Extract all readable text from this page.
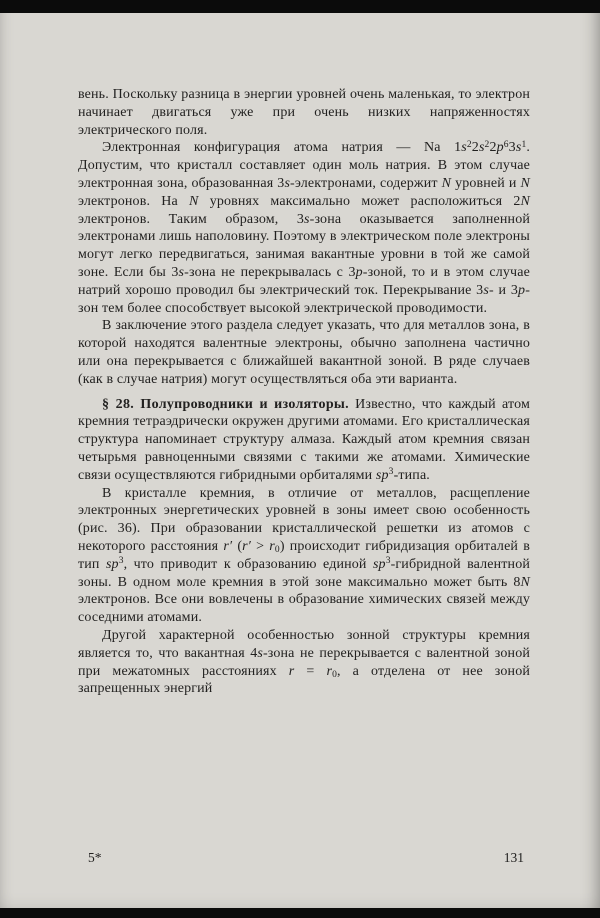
вень. Поскольку разница в энергии уровней очень маленькая, то электрон начинает двигаться уже при очень низких напряженностях электрического поля.

Электронная конфигурация атома натрия — Na $1s^22s^22p^63s^1$. Допустим, что кристалл составляет один моль натрия. В этом случае электронная зона, образованная 3s-электронами, содержит N уровней и N электронов. На N уровнях максимально может расположиться 2N электронов. Таким образом, 3s-зона оказывается заполненной электронами лишь наполовину. Поэтому в электрическом поле электроны могут легко передвигаться, занимая вакантные уровни в той же самой зоне. Если бы 3s-зона не перекрывалась с 3p-зоной, то и в этом случае натрий хорошо проводил бы электрический ток. Перекрывание 3s- и 3p-зон тем более способствует высокой электрической проводимости.

В заключение этого раздела следует указать, что для металлов зона, в которой находятся валентные электроны, обычно заполнена частично или она перекрывается с ближайшей вакантной зоной. В ряде случаев (как в случае натрия) могут осуществляться оба эти варианта.

§ 28. Полупроводники и изоляторы. Известно, что каждый атом кремния тетраэдрически окружен другими атомами. Его кристаллическая структура напоминает структуру алмаза. Каждый атом кремния связан четырьмя равноценными связями с такими же атомами. Химические связи осуществляются гибридными орбиталями $sp^3$-типа.

В кристалле кремния, в отличие от металлов, расщепление электронных энергетических уровней в зоны имеет свою особенность (рис. 36). При образовании кристаллической решетки из атомов с некоторого расстояния r′ $(r' > r_0)$ происходит гибридизация орбиталей в тип $sp^3$, что приводит к образованию единой $sp^3$-гибридной валентной зоны. В одном моле кремния в этой зоне максимально может быть 8N электронов. Все они вовлечены в образование химических связей между соседними атомами.

Другой характерной особенностью зонной структуры кремния является то, что вакантная 4s-зона не перекрывается с валентной зоной при межатомных расстояниях $r = r_0$, а отделена от нее зоной запрещенных энергий

5*	131
